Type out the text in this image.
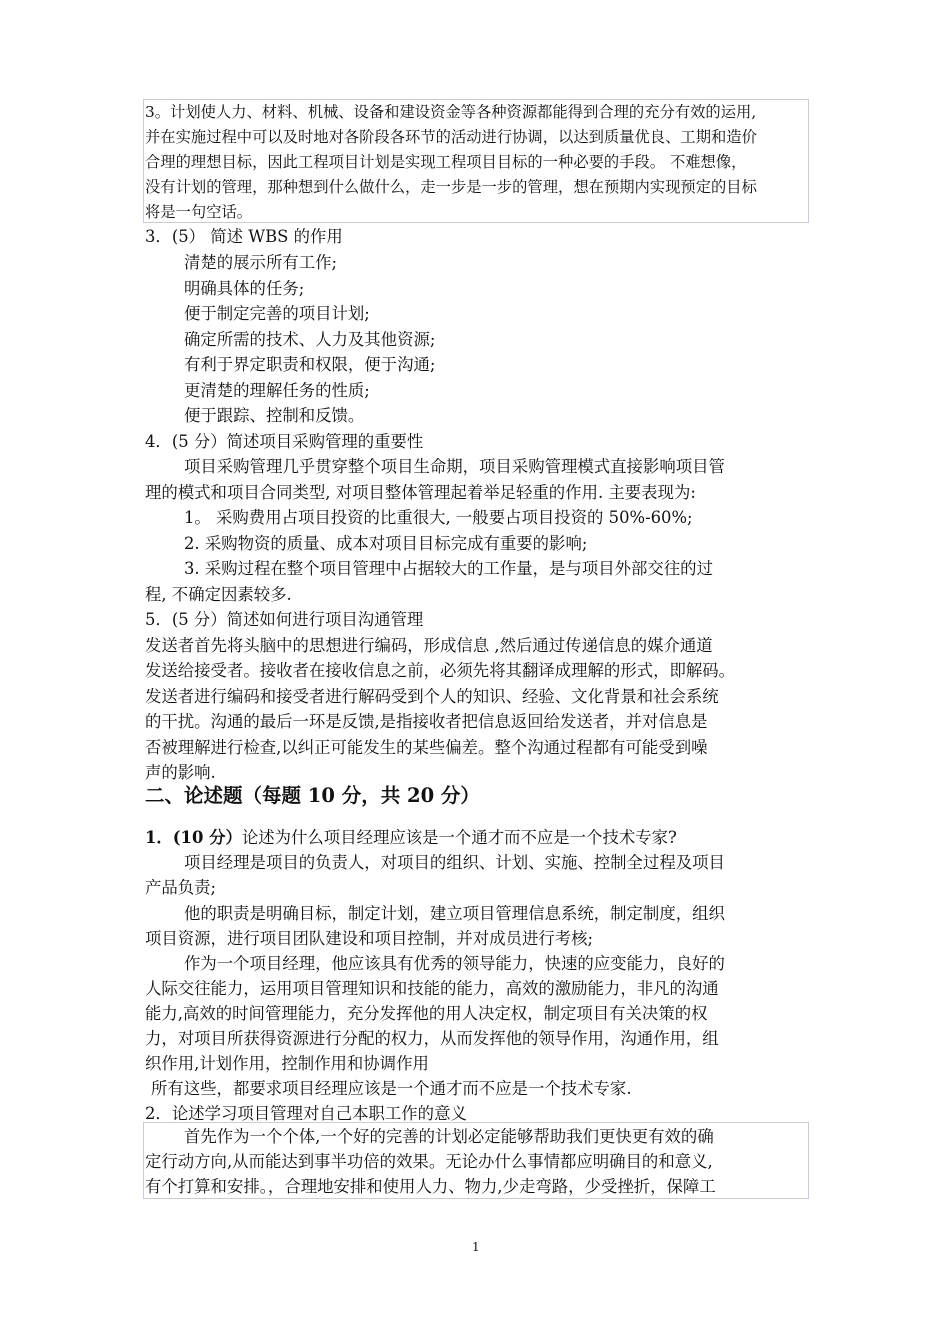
3。计划使人力、材料、机械、设备和建设资金等各种资源都能得到合理的充分有效的运用,

并在实施过程中可以及时地对各阶段各环节的活动进行协调，以达到质量优良、工期和造价

合理的理想目标，因此工程项目计划是实现工程项目目标的一种必要的手段。 不难想像，

没有计划的管理，那种想到什么做什么，走一步是一步的管理，想在预期内实现预定的目标

将是一句空话。

3．(5） 简述 WBS 的作用

清楚的展示所有工作;

明确具体的任务;

便于制定完善的项目计划;

确定所需的技术、人力及其他资源;

有利于界定职责和权限，便于沟通;

更清楚的理解任务的性质;

便于跟踪、控制和反馈。

4．(5 分）简述项目采购管理的重要性

项目采购管理几乎贯穿整个项目生命期，项目采购管理模式直接影响项目管

理的模式和项目合同类型, 对项目整体管理起着举足轻重的作用. 主要表现为:

1。 采购费用占项目投资的比重很大, 一般要占项目投资的 50%-60%;

2. 采购物资的质量、成本对项目目标完成有重要的影响;

3. 采购过程在整个项目管理中占据较大的工作量，是与项目外部交往的过

程, 不确定因素较多.

5．(5 分）简述如何进行项目沟通管理

发送者首先将头脑中的思想进行编码，形成信息 ,然后通过传递信息的媒介通道

发送给接受者。接收者在接收信息之前，必须先将其翻译成理解的形式，即解码。

发送者进行编码和接受者进行解码受到个人的知识、经验、文化背景和社会系统

的干扰。沟通的最后一环是反馈,是指接收者把信息返回给发送者，并对信息是

否被理解进行检查,以纠正可能发生的某些偏差。整个沟通过程都有可能受到噪

声的影响.

二、论述题（每题 10 分，共 20 分）

1．(10 分）论述为什么项目经理应该是一个通才而不应是一个技术专家?

项目经理是项目的负责人，对项目的组织、计划、实施、控制全过程及项目

产品负责;

他的职责是明确目标，制定计划，建立项目管理信息系统，制定制度，组织

项目资源，进行项目团队建设和项目控制，并对成员进行考核;

作为一个项目经理，他应该具有优秀的领导能力，快速的应变能力，良好的

人际交往能力，运用项目管理知识和技能的能力，高效的激励能力，非凡的沟通

能力,高效的时间管理能力，充分发挥他的用人决定权，制定项目有关决策的权

力，对项目所获得资源进行分配的权力，从而发挥他的领导作用，沟通作用，组

织作用,计划作用，控制作用和协调作用

所有这些，都要求项目经理应该是一个通才而不应是一个技术专家.

2．论述学习项目管理对自己本职工作的意义

首先作为一个个体,一个好的完善的计划必定能够帮助我们更快更有效的确

定行动方向,从而能达到事半功倍的效果。无论办什么事情都应明确目的和意义,

有个打算和安排。，合理地安排和使用人力、物力,少走弯路，少受挫折，保障工

1
